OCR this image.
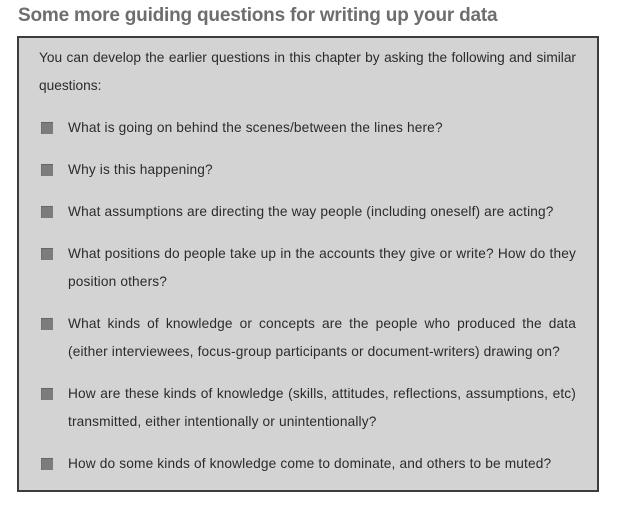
Some more guiding questions for writing up your data

You can develop the earlier questions in this chapter by asking the following and similar questions:

What is going on behind the scenes/between the lines here?
Why is this happening?
What assumptions are directing the way people (including oneself) are acting?
What positions do people take up in the accounts they give or write? How do they position others?
What kinds of knowledge or concepts are the people who produced the data (either interviewees, focus-group participants or document-writers) drawing on?
How are these kinds of knowledge (skills, attitudes, reflections, assumptions, etc) transmitted, either intentionally or unintentionally?
How do some kinds of knowledge come to dominate, and others to be muted?
